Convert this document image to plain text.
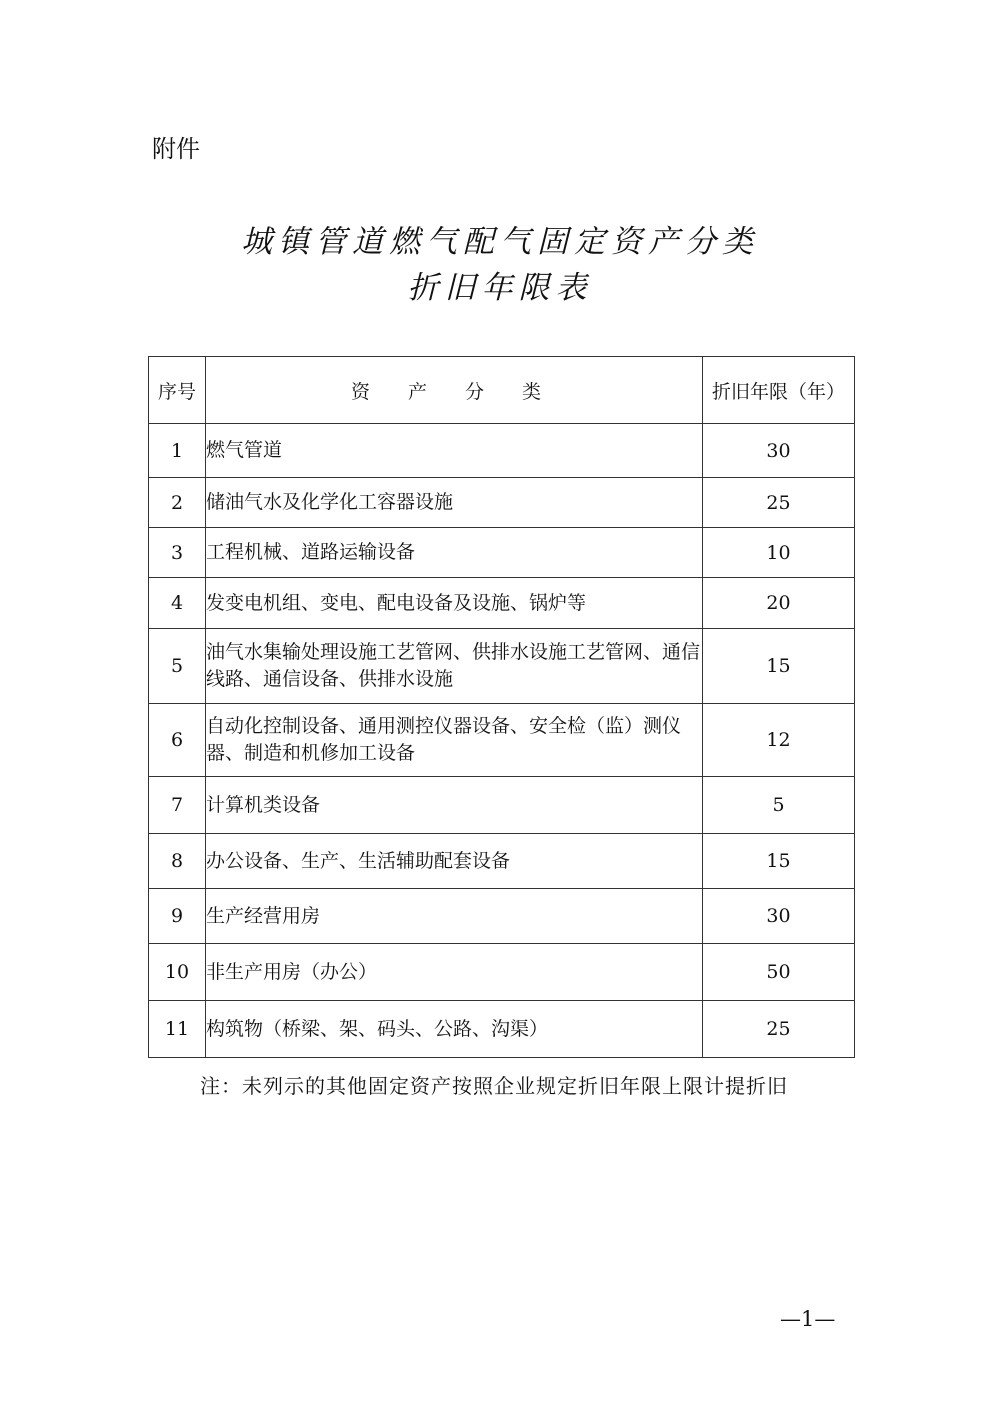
附件
城镇管道燃气配气固定资产分类
折旧年限表
序号	资 产 分 类	折旧年限（年）
1	燃气管道	30
2	储油气水及化学化工容器设施	25
3	工程机械、道路运输设备	10
4	发变电机组、变电、配电设备及设施、锅炉等	20
5	油气水集输处理设施工艺管网、供排水设施工艺管网、通信线路、通信设备、供排水设施	15
6	自动化控制设备、通用测控仪器设备、安全检（监）测仪器、制造和机修加工设备	12
7	计算机类设备	5
8	办公设备、生产、生活辅助配套设备	15
9	生产经营用房	30
10	非生产用房（办公）	50
11	构筑物（桥梁、架、码头、公路、沟渠）	25
注：未列示的其他固定资产按照企业规定折旧年限上限计提折旧
—1—
